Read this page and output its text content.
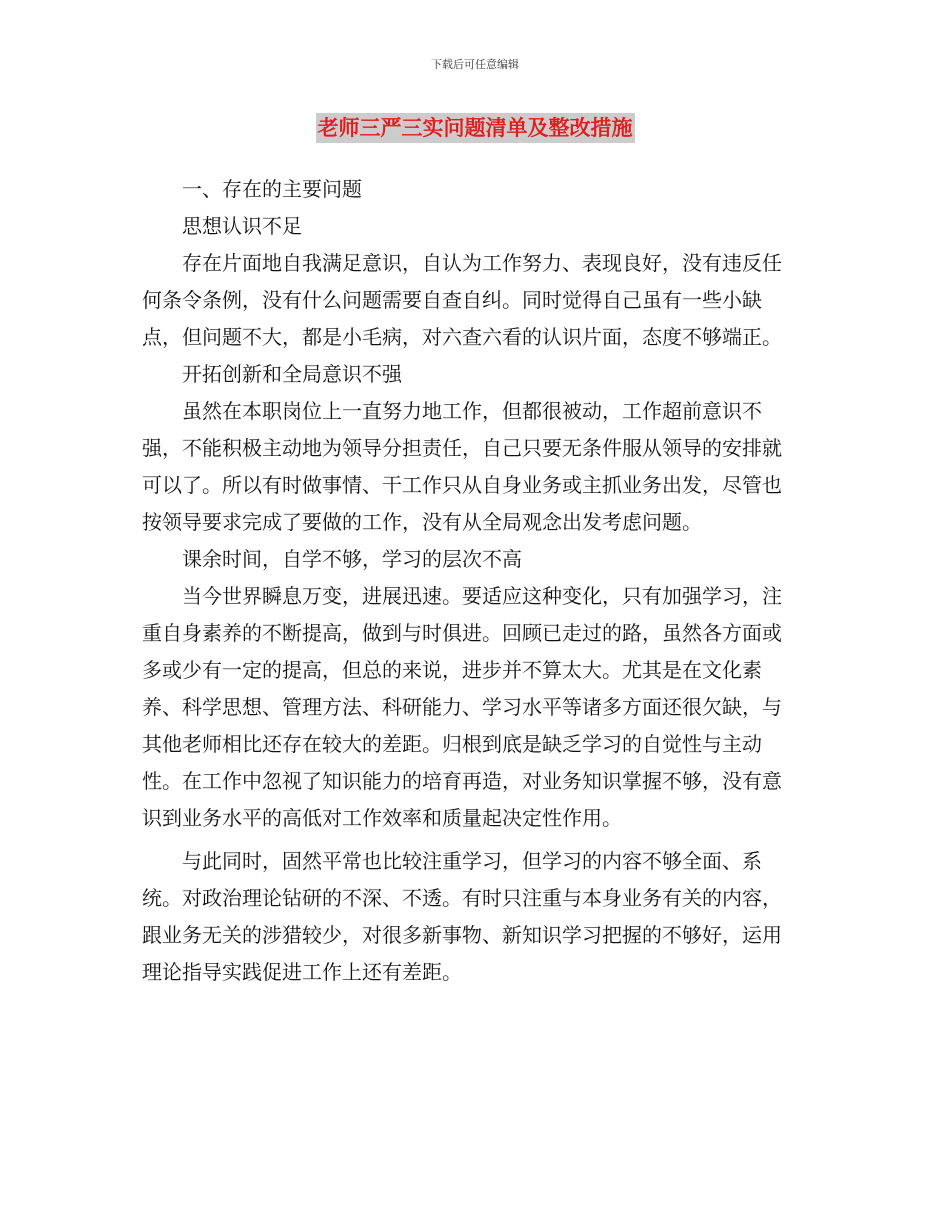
下载后可任意编辑
老师三严三实问题清单及整改措施

一、存在的主要问题

思想认识不足

存在片面地自我满足意识，自认为工作努力、表现良好，没有违反任何条令条例，没有什么问题需要自查自纠。同时觉得自己虽有一些小缺点，但问题不大，都是小毛病，对六查六看的认识片面，态度不够端正。

开拓创新和全局意识不强

虽然在本职岗位上一直努力地工作，但都很被动，工作超前意识不强，不能积极主动地为领导分担责任，自己只要无条件服从领导的安排就可以了。所以有时做事情、干工作只从自身业务或主抓业务出发，尽管也按领导要求完成了要做的工作，没有从全局观念出发考虑问题。

课余时间，自学不够，学习的层次不高

当今世界瞬息万变，进展迅速。要适应这种变化，只有加强学习，注重自身素养的不断提高，做到与时俱进。回顾已走过的路，虽然各方面或多或少有一定的提高，但总的来说，进步并不算太大。尤其是在文化素养、科学思想、管理方法、科研能力、学习水平等诸多方面还很欠缺，与其他老师相比还存在较大的差距。归根到底是缺乏学习的自觉性与主动性。在工作中忽视了知识能力的培育再造，对业务知识掌握不够，没有意识到业务水平的高低对工作效率和质量起决定性作用。

与此同时，固然平常也比较注重学习，但学习的内容不够全面、系统。对政治理论钻研的不深、不透。有时只注重与本身业务有关的内容，跟业务无关的涉猎较少，对很多新事物、新知识学习把握的不够好，运用理论指导实践促进工作上还有差距。
